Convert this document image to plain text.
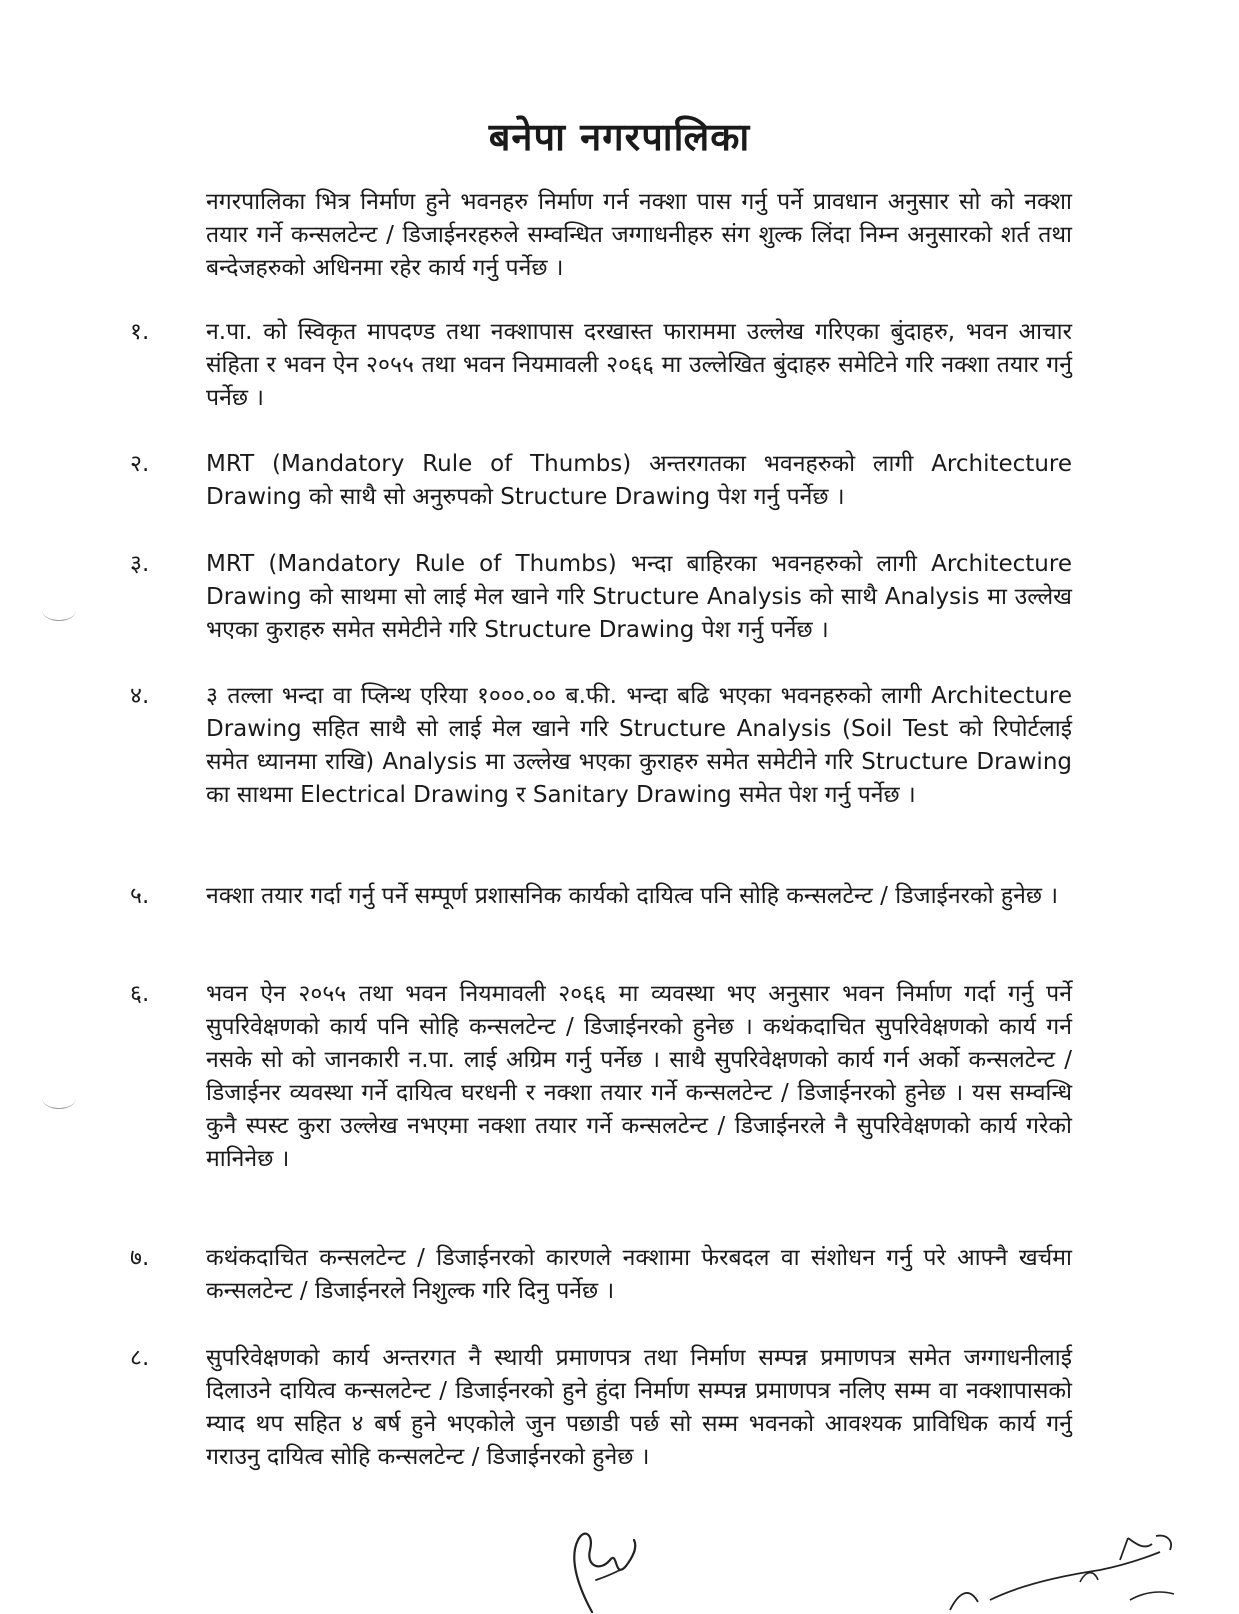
बनेपा नगरपालिका
नगरपालिका भित्र निर्माण हुने भवनहरु निर्माण गर्न नक्शा पास गर्नु पर्ने प्रावधान अनुसार सो को नक्शा तयार गर्ने कन्सलटेन्ट / डिजाईनरहरुले सम्वन्धित जग्गाधनीहरु संग शुल्क लिंदा निम्न अनुसारको शर्त तथा बन्देजहरुको अधिनमा रहेर कार्य गर्नु पर्नेछ ।
१.	न.पा. को स्विकृत मापदण्ड तथा नक्शापास दरखास्त फाराममा उल्लेख गरिएका बुंदाहरु, भवन आचार संहिता र भवन ऐन २०५५ तथा भवन नियमावली २०६६ मा उल्लेखित बुंदाहरु समेटिने गरि नक्शा तयार गर्नु पर्नेछ ।
२.	MRT (Mandatory Rule of Thumbs) अन्तरगतका भवनहरुको लागी Architecture Drawing को साथै सो अनुरुपको Structure Drawing पेश गर्नु पर्नेछ ।
३.	MRT (Mandatory Rule of Thumbs) भन्दा बाहिरका भवनहरुको लागी Architecture Drawing को साथमा सो लाई मेल खाने गरि Structure Analysis को साथै Analysis मा उल्लेख भएका कुराहरु समेत समेटीने गरि Structure Drawing पेश गर्नु पर्नेछ ।
४.	३ तल्ला भन्दा वा प्लिन्थ एरिया १०००.०० ब.फी. भन्दा बढि भएका भवनहरुको लागी Architecture Drawing सहित साथै सो लाई मेल खाने गरि Structure Analysis (Soil Test को रिपोर्टलाई समेत ध्यानमा राखि) Analysis मा उल्लेख भएका कुराहरु समेत समेटीने गरि Structure Drawing का साथमा Electrical Drawing र Sanitary Drawing समेत पेश गर्नु पर्नेछ ।
५.	नक्शा तयार गर्दा गर्नु पर्ने सम्पूर्ण प्रशासनिक कार्यको दायित्व पनि सोहि कन्सलटेन्ट / डिजाईनरको हुनेछ ।
६.	भवन ऐन २०५५ तथा भवन नियमावली २०६६ मा व्यवस्था भए अनुसार भवन निर्माण गर्दा गर्नु पर्ने सुपरिवेक्षणको कार्य पनि सोहि कन्सलटेन्ट / डिजाईनरको हुनेछ । कथंकदाचित सुपरिवेक्षणको कार्य गर्न नसके सो को जानकारी न.पा. लाई अग्रिम गर्नु पर्नेछ । साथै सुपरिवेक्षणको कार्य गर्न अर्को कन्सलटेन्ट / डिजाईनर व्यवस्था गर्ने दायित्व घरधनी र नक्शा तयार गर्ने कन्सलटेन्ट / डिजाईनरको हुनेछ । यस सम्वन्धि कुनै स्पस्ट कुरा उल्लेख नभएमा नक्शा तयार गर्ने कन्सलटेन्ट / डिजाईनरले नै सुपरिवेक्षणको कार्य गरेको मानिनेछ ।
७.	कथंकदाचित कन्सलटेन्ट / डिजाईनरको कारणले नक्शामा फेरबदल वा संशोधन गर्नु परे आफ्नै खर्चमा कन्सलटेन्ट / डिजाईनरले निशुल्क गरि दिनु पर्नेछ ।
८.	सुपरिवेक्षणको कार्य अन्तरगत नै स्थायी प्रमाणपत्र तथा निर्माण सम्पन्न प्रमाणपत्र समेत जग्गाधनीलाई दिलाउने दायित्व कन्सलटेन्ट / डिजाईनरको हुने हुंदा निर्माण सम्पन्न प्रमाणपत्र नलिए सम्म वा नक्शापासको म्याद थप सहित ४ बर्ष हुने भएकोले जुन पछाडी पर्छ सो सम्म भवनको आवश्यक प्राविधिक कार्य गर्नु गराउनु दायित्व सोहि कन्सलटेन्ट / डिजाईनरको हुनेछ ।
